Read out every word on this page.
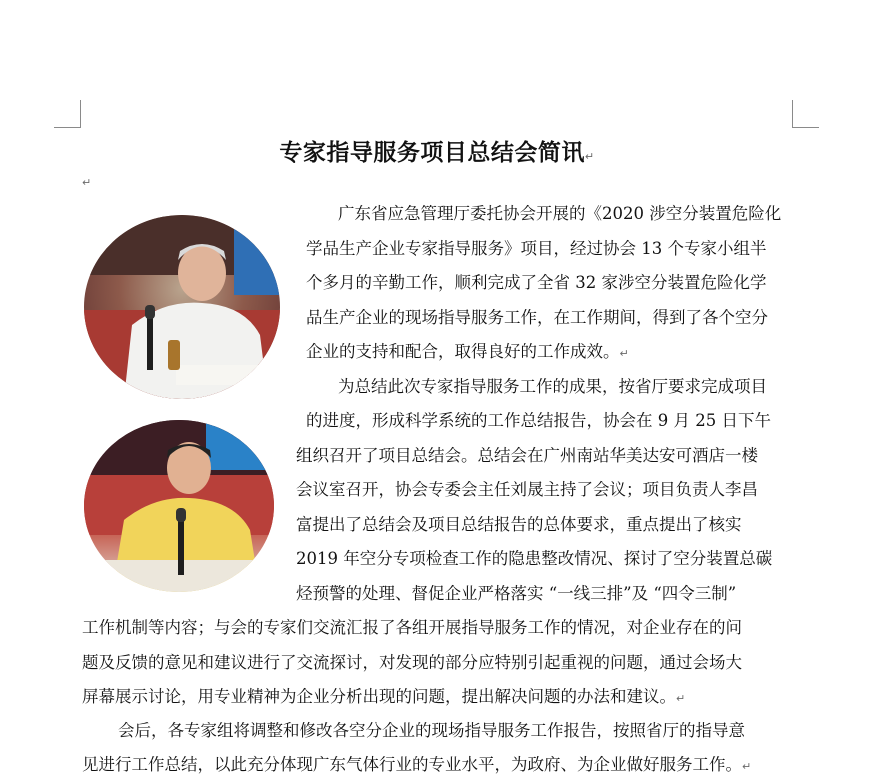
专家指导服务项目总结会简讯↵
↵
广东省应急管理厅委托协会开展的《2020 涉空分装置危险化
学品生产企业专家指导服务》项目，经过协会 13 个专家小组半
个多月的辛勤工作，顺利完成了全省 32 家涉空分装置危险化学
品生产企业的现场指导服务工作，在工作期间，得到了各个空分
企业的支持和配合，取得良好的工作成效。↵
为总结此次专家指导服务工作的成果，按省厅要求完成项目
的进度，形成科学系统的工作总结报告，协会在 9 月 25 日下午
组织召开了项目总结会。总结会在广州南站华美达安可酒店一楼
会议室召开，协会专委会主任刘晟主持了会议；项目负责人李昌
富提出了总结会及项目总结报告的总体要求，重点提出了核实
2019 年空分专项检查工作的隐患整改情况、探讨了空分装置总碳
烃预警的处理、督促企业严格落实 “一线三排”及 “四令三制”
工作机制等内容；与会的专家们交流汇报了各组开展指导服务工作的情况，对企业存在的问
题及反馈的意见和建议进行了交流探讨，对发现的部分应特别引起重视的问题，通过会场大
屏幕展示讨论，用专业精神为企业分析出现的问题，提出解决问题的办法和建议。↵
会后，各专家组将调整和修改各空分企业的现场指导服务工作报告，按照省厅的指导意
见进行工作总结，以此充分体现广东气体行业的专业水平，为政府、为企业做好服务工作。↵
